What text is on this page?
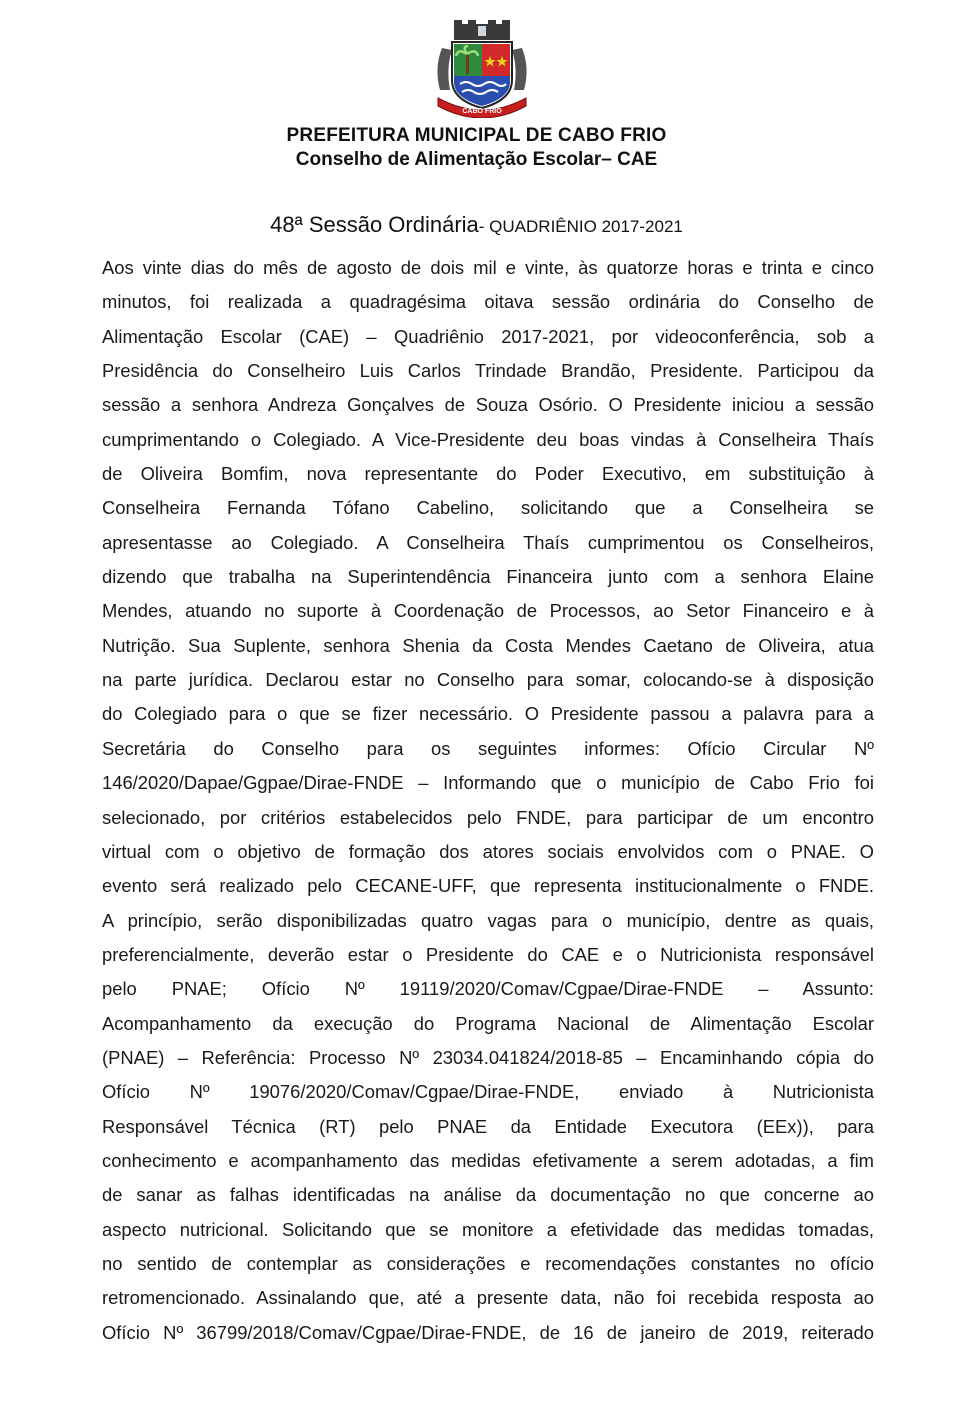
CABO FRIO
PREFEITURA MUNICIPAL DE CABO FRIO
Conselho de Alimentação Escolar– CAE
48ª Sessão Ordinária- QUADRIÊNIO 2017-2021
Aos vinte dias do mês de agosto de dois mil e vinte, às quatorze horas e trinta e cinco
minutos, foi realizada a quadragésima oitava sessão ordinária do Conselho de
Alimentação Escolar (CAE) – Quadriênio 2017-2021, por videoconferência, sob a
Presidência do Conselheiro Luis Carlos Trindade Brandão, Presidente. Participou da
sessão a senhora Andreza Gonçalves de Souza Osório. O Presidente iniciou a sessão
cumprimentando o Colegiado. A Vice-Presidente deu boas vindas à Conselheira Thaís
de Oliveira Bomfim, nova representante do Poder Executivo, em substituição à
Conselheira Fernanda Tófano Cabelino, solicitando que a Conselheira se
apresentasse ao Colegiado. A Conselheira Thaís cumprimentou os Conselheiros,
dizendo que trabalha na Superintendência Financeira junto com a senhora Elaine
Mendes, atuando no suporte à Coordenação de Processos, ao Setor Financeiro e à
Nutrição. Sua Suplente, senhora Shenia da Costa Mendes Caetano de Oliveira, atua
na parte jurídica. Declarou estar no Conselho para somar, colocando-se à disposição
do Colegiado para o que se fizer necessário. O Presidente passou a palavra para a
Secretária do Conselho para os seguintes informes: Ofício Circular Nº
146/2020/Dapae/Ggpae/Dirae-FNDE – Informando que o município de Cabo Frio foi
selecionado, por critérios estabelecidos pelo FNDE, para participar de um encontro
virtual com o objetivo de formação dos atores sociais envolvidos com o PNAE. O
evento será realizado pelo CECANE-UFF, que representa institucionalmente o FNDE.
A princípio, serão disponibilizadas quatro vagas para o município, dentre as quais,
preferencialmente, deverão estar o Presidente do CAE e o Nutricionista responsável
pelo PNAE; Ofício Nº 19119/2020/Comav/Cgpae/Dirae-FNDE – Assunto:
Acompanhamento da execução do Programa Nacional de Alimentação Escolar
(PNAE) – Referência: Processo Nº 23034.041824/2018-85 – Encaminhando cópia do
Ofício Nº 19076/2020/Comav/Cgpae/Dirae-FNDE, enviado à Nutricionista
Responsável Técnica (RT) pelo PNAE da Entidade Executora (EEx)), para
conhecimento e acompanhamento das medidas efetivamente a serem adotadas, a fim
de sanar as falhas identificadas na análise da documentação no que concerne ao
aspecto nutricional. Solicitando que se monitore a efetividade das medidas tomadas,
no sentido de contemplar as considerações e recomendações constantes no ofício
retromencionado. Assinalando que, até a presente data, não foi recebida resposta ao
Ofício Nº 36799/2018/Comav/Cgpae/Dirae-FNDE, de 16 de janeiro de 2019, reiterado
